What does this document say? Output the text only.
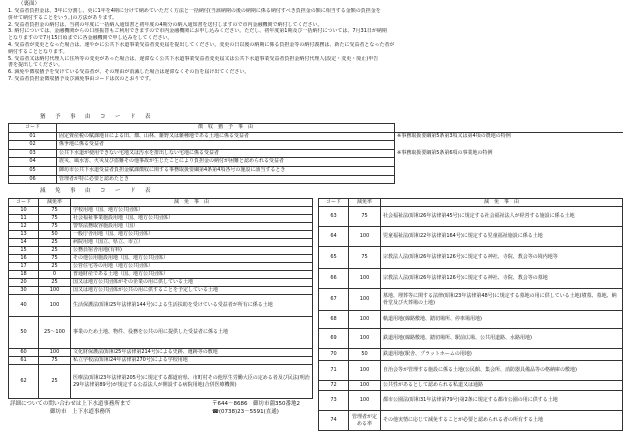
（裏面）
1. 受益者負担金は、3年に分割し、更に1年を4期に分けて納めていただく方法と一括納付(当該納期の後の納期に係る納付すべき負担金の額に相当する金額の負担金を
併せて納付することをいう。)の方法があります。
2. 受益者負担金の納付は、当初の年度に一括納入通知書と初年度の4期分の納入通知書を送付しますので市内金融機関で納付してください。
3. 納付については、金融機関からの口座振替もご利用できますので市内金融機関にお申し込みください。ただし、初年度第1期及び一括納付については、7月31日が納期
となりますので7月15日頃までに各金融機関で申し込みをしてください。
4. 受益者が変更となった場合は、速やかに公共下水道事業受益者変更届を提出してください。変更の日以後の納期に係る負担金等の納付義務は、新たに受益者となった者が
納付することとなります。
5. 受益者又は納付代理人に住所等の変更があった場合は、遅滞なく公共下水道事業受益者変更届又は公共下水道事業受益者負担金納付代理人(設定・変更・廃止)申告
書を提出してください。
6. 減免や徴収猶予を受けている受益者が、その理由が消滅した場合は遅滞なくその旨を届け出てください。
7. 受益者負担金徴収猶予及び減免事由コードは次のとおりです。
猶　予　事　由　コ　ー　ド　表
コード	徴　収　猶　予　事　由	
01	固定資産税の賦課地目による田、畑、山林、雑野又は雑種地である土地に係る受益者	※事務取扱要綱第5条第3項又は第4項の農地の特例
02	係争地に係る受益者	
03	公共下水道が使用できない宅地又は汚水を排出しない宅地に係る受益者	※事務取扱要綱第5条第6項の事業地の特例
04	震災、風水害、火災及び盗難その他事故が生じたことにより負担金の納付が困難と認められる受益者	
05	御坊市公共下水道受益者負担金賦課徴収に関する事務取扱要綱第4条第4項各号の施設に該当するとき	
06	管理者が特に必要と認めたとき	
減　免　事　由　コ　ー　ド　表
コード	減免率	減　免　事　由
10	75	学校用地（国、地方公共団体）
11	75	社会福祉事業施設用地（国、地方公共団体）
12	75	警察法務取容施設用地（国）
13	50	一般庁舎用地（国、地方公共団体）
14	25	病院用地（国立、県立、市立）
15	25	公務員宿舎用地(有料)
16	75	その他公用施設用地（国、地方公共団体）
17	25	公営住宅等の用地（地方公共団体）
18	0	普通財産である土地（国、地方公共団体）
20	25	国又は地方公共団体がその企業の用に供している土地
30	100	国又は地方公共団体が公共の用に供することを予定している土地
40	100	生活保護法(昭和25年法律第144号)による生活扶助を受けている受益者が所有に係る土地
50	25～100	事業のため土地、物件、役務を公共の用に提供した受益者に係る土地
60	100	文化財保護法(昭和25年法律第214号)による史跡、遺跡等の敷地
61	75	私立学校法(昭和24年法律第270号)による学校用地
62	25	医療法(昭和23年法律第205号)に規定する都道府県、市町村その他厚生労働大臣の定める者及び民法(明治29年法律第89号)が規定する公益法人が開設する病院用地(合併医療機関)
コード	減免率	減　免　事　由
63	75	社会福祉法(昭和26年法律第45号)に規定する社会福祉法人が経営する施設に係る土地
64	100	児童福祉法(昭和22年法律第164号)に規定する児童福祉施設に係る土地
65	75	宗教法人法(昭和26年法律第126号)に規定する神社、寺院、教会等の境内地等
66	100	宗教法人法(昭和26年法律第126号)に規定する神社、寺院、教会等の墓地
67	100	墓地、埋葬等に関する法律(昭和23年法律第48号)に規定する墓地の用に供している土地(墳墓、墓地、納骨堂及び火葬場の土地)
68	100	軌道用地(線路敷地、踏切場所、停車場用地)
69	100	鉄道用地(線路敷地、踏切場所、駅前広場、公共用道路、水路用地)
70	50	鉄道用地(駅舎、プラットホームの用地)
71	100	自治会等が管理する施設に係る土地(公民館、集会所、消防器具備品等の格納庫の敷地)
72	100	公共性があるとして認められる私道又は通路
73	100	都市公園法(昭和31年法律第79号)第2条に規定する都市公園の用に供する土地
74	管理者が定める率	その他実情に応じて減免することが必要と認められる者の所有する土地
詳細についての問い合わせは上下水道事務所まで
御坊市　上下水道事務所
〒644－8686　御坊市薗350番地2
☎(0738)23－5591(直通)
